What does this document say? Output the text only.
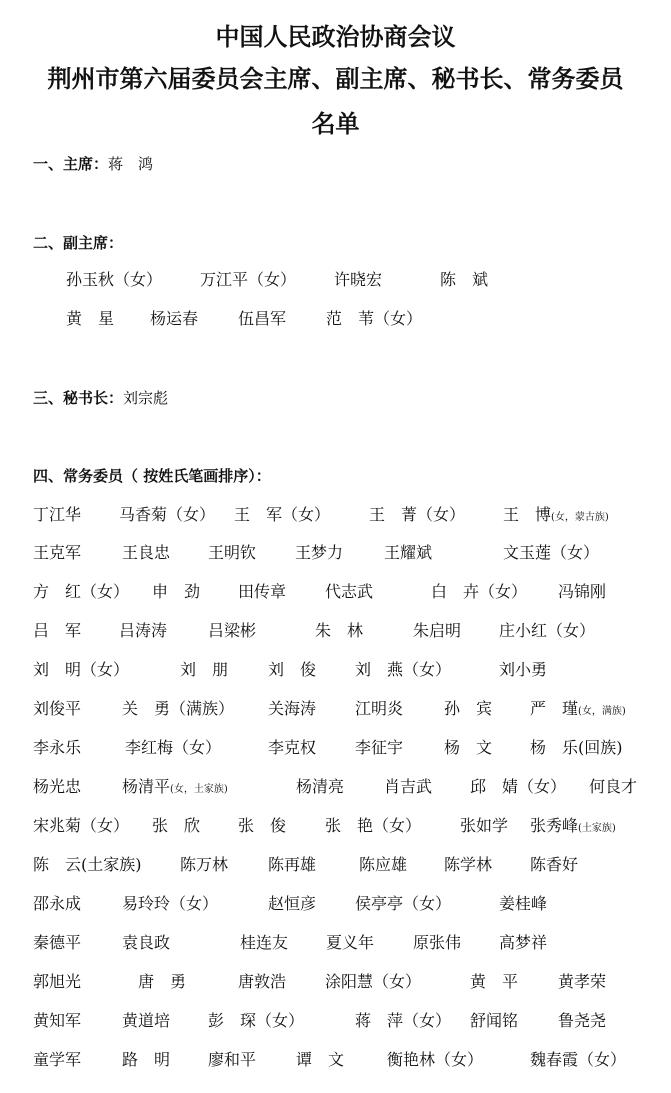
中国人民政治协商会议
荆州市第六届委员会主席、副主席、秘书长、常务委员
名单
一、主席：蒋　鸿
二、副主席：
孙玉秋（女） 万江平（女） 许晓宏	陈　斌
黄　星 杨运春 伍昌军 范　苇（女）
三、秘书长：刘宗彪
四、常务委员（ 按姓氏笔画排序）：
丁江华 马香菊（女） 王　军（女） 王　菁（女） 王　博(女，蒙古族)
王克军	王良忠 王明钦 王梦力	王耀斌	文玉莲（女）
方　红（女） 申　劲 田传章 代志武	白　卉（女） 冯锦刚
吕　军 吕涛涛	吕梁彬	朱　林	朱启明 庄小红（女）
刘　明（女）	刘　朋 刘　俊 刘　燕（女）	刘小勇
刘俊平	关　勇（满族） 关海涛 江明炎	孙　宾 严　瑾(女，满族)
李永乐	李红梅（女）	李克权 李征宇	杨　文 杨　乐(回族)
杨光忠	杨清平(女，土家族)	杨清亮 肖吉武 邱　婧（女） 何良才
宋兆菊（女） 张　欣 张　俊 张　艳（女） 张如学 张秀峰(土家族)
陈　云(土家族) 陈万林 陈再雄	陈应雄 陈学林 陈香好
邵永成	易玲玲（女）	赵恒彦 侯亭亭（女）	姜桂峰
秦德平	袁良政	桂连友 夏义年 原张伟 高梦祥
郭旭光	唐　勇	唐敦浩 涂阳慧（女）	黄　平 黄孝荣
黄知军	黄道培 彭　琛（女）	蒋　萍（女） 舒闻铭 鲁尧尧
童学军	路　明 廖和平 谭　文	衡艳林（女）	魏春霞（女）
